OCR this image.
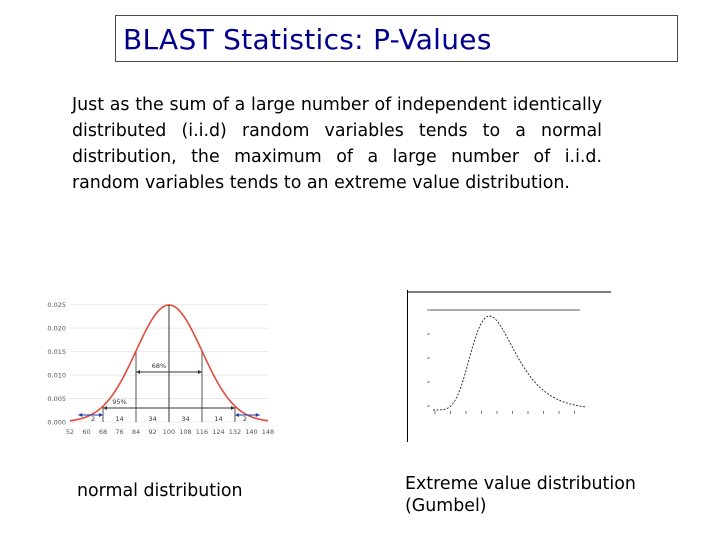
BLAST Statistics: P-Values
Just as the sum of a large number of independent identically distributed (i.i.d) random variables tends to a normal distribution, the maximum of a large number of i.i.d. random variables tends to an extreme value distribution.
68%
95%
2	14	34	34	14	2
0.000
0.005
0.010
0.015
0.020
0.025
52 60 68 76 84 92 100 108 116 124 132 140 148
normal distribution	Extreme value distribution
(Gumbel)
